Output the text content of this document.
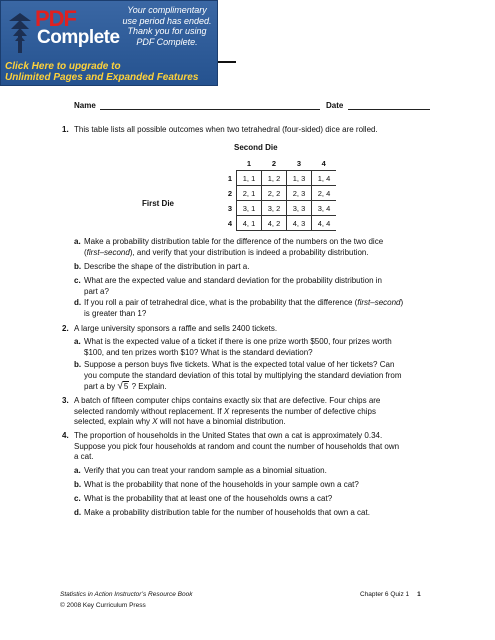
PDF
Complete
Your complimentary
use period has ended.
Thank you for using
PDF Complete.
Click Here to upgrade to
Unlimited Pages and Expanded Features
Name	Date
1. This table lists all possible outcomes when two tetrahedral (four-sided) dice are rolled.
Second Die
First Die
	1	2	3	4
1	1, 1	1, 2	1, 3	1, 4
2	2, 1	2, 2	2, 3	2, 4
3	3, 1	3, 2	3, 3	3, 4
4	4, 1	4, 2	4, 3	4, 4
a. Make a probability distribution table for the difference of the numbers on the two dice
(first–second), and verify that your distribution is indeed a probability distribution.
b. Describe the shape of the distribution in part a.
c. What are the expected value and standard deviation for the probability distribution in
part a?
d. If you roll a pair of tetrahedral dice, what is the probability that the difference (first–second)
is greater than 1?
2. A large university sponsors a raffle and sells 2400 tickets.
a. What is the expected value of a ticket if there is one prize worth $500, four prizes worth
$100, and ten prizes worth $10? What is the standard deviation?
b. Suppose a person buys five tickets. What is the expected total value of her tickets? Can
you compute the standard deviation of this total by multiplying the standard deviation from
part a by √5 ? Explain.
3. A batch of fifteen computer chips contains exactly six that are defective. Four chips are
selected randomly without replacement. If X represents the number of defective chips
selected, explain why X will not have a binomial distribution.
4. The proportion of households in the United States that own a cat is approximately 0.34.
Suppose you pick four households at random and count the number of households that own
a cat.
a. Verify that you can treat your random sample as a binomial situation.
b. What is the probability that none of the households in your sample own a cat?
c. What is the probability that at least one of the households owns a cat?
d. Make a probability distribution table for the number of households that own a cat.
Statistics in Action Instructor’s Resource Book
© 2008 Key Curriculum Press
Chapter 6 Quiz 1 1
